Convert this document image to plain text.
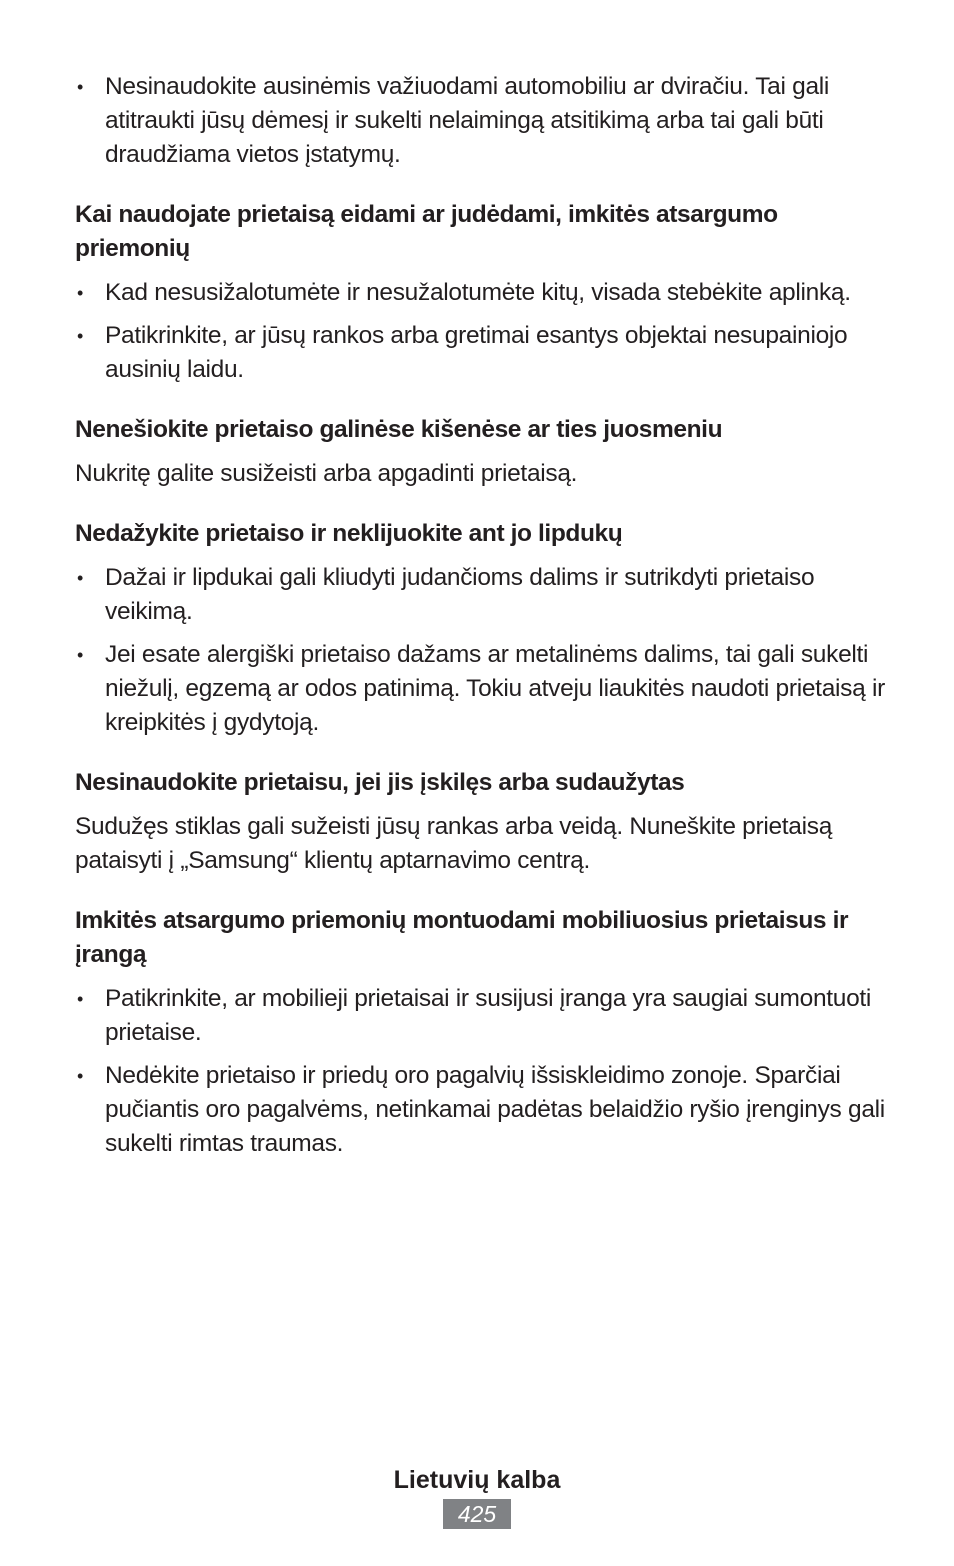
• Nesinaudokite ausinėmis važiuodami automobiliu ar dviračiu. Tai gali atitraukti jūsų dėmesį ir sukelti nelaimingą atsitikimą arba tai gali būti draudžiama vietos įstatymų.
Kai naudojate prietaisą eidami ar judėdami, imkitės atsargumo priemonių
• Kad nesusižalotumėte ir nesužalotumėte kitų, visada stebėkite aplinką.
• Patikrinkite, ar jūsų rankos arba gretimai esantys objektai nesupainiojo ausinių laidu.
Nenešiokite prietaiso galinėse kišenėse ar ties juosmeniu

Nukritę galite susižeisti arba apgadinti prietaisą.

Nedažykite prietaiso ir neklijuokite ant jo lipdukų
• Dažai ir lipdukai gali kliudyti judančioms dalims ir sutrikdyti prietaiso veikimą.
• Jei esate alergiški prietaiso dažams ar metalinėms dalims, tai gali sukelti niežulį, egzemą ar odos patinimą. Tokiu atveju liaukitės naudoti prietaisą ir kreipkitės į gydytoją.
Nesinaudokite prietaisu, jei jis įskilęs arba sudaužytas

Sudužęs stiklas gali sužeisti jūsų rankas arba veidą. Nuneškite prietaisą pataisyti į „Samsung“ klientų aptarnavimo centrą.

Imkitės atsargumo priemonių montuodami mobiliuosius prietaisus ir įrangą
• Patikrinkite, ar mobilieji prietaisai ir susijusi įranga yra saugiai sumontuoti prietaise.
• Nedėkite prietaiso ir priedų oro pagalvių išsiskleidimo zonoje. Sparčiai pučiantis oro pagalvėms, netinkamai padėtas belaidžio ryšio įrenginys gali sukelti rimtas traumas.
Lietuvių kalba
425
